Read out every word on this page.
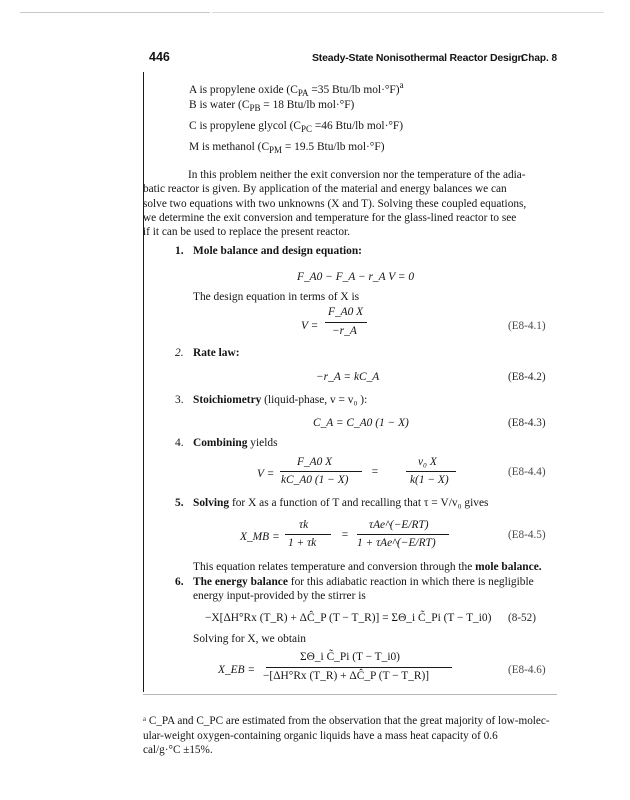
446	Steady-State Nonisothermal Reactor Design
Chap. 8
A is propylene oxide ($C_{PA} =35$ Btu/lb mol·°F)$^a$
B is water ($C_{PB} = 18$ Btu/lb mol·°F)
C is propylene glycol ($C_{PC} =46$ Btu/lb mol·°F)
M is methanol ($C_{PM} = 19.5$ Btu/lb mol·°F)
In this problem neither the exit conversion nor the temperature of the adia-
batic reactor is given. By application of the material and energy balances we can
solve two equations with two unknowns (X and T). Solving these coupled equations,
we determine the exit conversion and temperature for the glass-lined reactor to see
if it can be used to replace the present reactor.
1. Mole balance and design equation:
F_A0 − F_A − r_A V = 0
The design equation in terms of X is
V =
F_A0 X
−r_A	(E8-4.1)
2. Rate law:
−r_A = kC_A	(E8-4.2)
3. Stoichiometry (liquid-phase, v = v₀ ):
C_A = C_A0 (1 − X)	(E8-4.3)
4. Combining yields
V =
F_A0 X
kC_A0 (1 − X)
=
v₀ X
k(1 − X)
(E8-4.4)
5. Solving for X as a function of T and recalling that τ = V/v₀ gives
X_MB =
τk
1 + τk
=
τAe^(−E/RT)
1 + τAe^(−E/RT)
(E8-4.5)
This equation relates temperature and conversion through the mole balance.
6. The energy balance for this adiabatic reaction in which there is negligible
energy input-provided by the stirrer is
−X[ΔH°Rx (T_R) + ΔĈ_P (T − T_R)] = ΣΘ_i C̃_Pi (T − T_i0) (8-52)
Solving for X, we obtain
X_EB =
ΣΘ_i C̃_Pi (T − T_i0)
−[ΔH°Rx (T_R) + ΔĈ_P (T − T_R)]	(E8-4.6)
ᵃ C_PA and C_PC are estimated from the observation that the great majority of low-molec-
ular-weight oxygen-containing organic liquids have a mass heat capacity of 0.6
cal/g·°C ±15%.
